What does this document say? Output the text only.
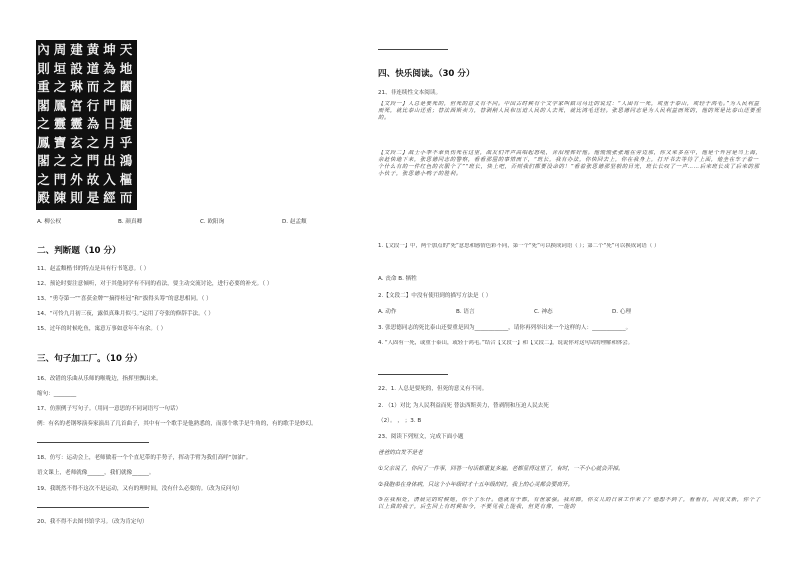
天
地
闔
闢
運
乎
鴻
樞
而
坤
為
之
門
日
月
出
入
經
黄
道
而
行
為
之
門
故
是
建
設
琳
宮
靈
玄
之
外
則
周
垣
之
鳳
靈
寶
之
門
陳
內
則
重
閣
之
鳳
閣
之
殿
A. 柳公权	B. 颜真卿	C. 欧阳询	D. 赵孟頫
二、判断题（10 分）
11、赵孟頫楷书的特点是具有行书笔意。（ ）
12、预论时要注意倾听，对于其他同学有不同的看法，要主动交流讨论，进行必要的补充。（ ）
13、“勇夺第一”“喜获金牌”“摘得桂冠”和“拔得头筹”的意思相同。（ ）
14、“可怜九月初三夜，露似真珠月似弓。”运用了夸张的修辞手法。（ ）
15、过年的时候吃鱼，寓意万事如意年年有余。（ ）
三、句子加工厂。（10 分）
16、改错的乐曲从乐师的喉咙边，指挥里飘出来。
缩句：________
17、仿照例子写句子。（用同一意思的不同词语写一句话）
例：有名的老钢琴演奏家演出了几首曲子，其中有一个歌手是他熟悉的，而那个歌手是牛角的，有的歌手是妙幻。
18、仿写：运动会上，老师做着一个个直尼带的手势子，挥动手臂为我们高呼“加油”。
语文课上，老师就像______，我们就像______。
19、我既然不得不这次不是运动，又有的理时间，没有什么必要的。（改为反问句）
20、我不得不去图书馆学习。（改为肯定句）
四、快乐阅读。（30 分）
21、非连续性文本阅读。
【文段一】人总是要死的，但死的意义有不同。中国古时候有个文学家叫做司马迁的说过：“人固有一死，或重于泰山，或轻于鸿毛。”为人民利益而死，就比泰山还重；替法西斯卖力，替剥削人民和压迫人民的人去死，就比鸿毛还轻。张思德同志是为人民利益而死的，他的死是比泰山还要重的。
【文段二】战士小李不幸负伤死在这里，战友们齐声高唱起怒吼，含泪埋葬好他。他慌慌张张地在旁边那，你又来多在中，他是个外宫是当上海，亲赶快地下来，张思德同志的警察，看看那屋的事情而下，“班长，我有办法，你快回去上，你在我身上，打开书去等待了上面，他坐在车子着一个什么有的一件红色的衣服个了”“班长，快上吧，否则我们都要没命的！”看着张思德那坚毅的目光，班长长叹了一声……后来班长成了后来的那小伙子，张思德小鸭子的胜利。
1.【文段一】中，两个加点的“死”意思和感情色彩不同，第一个“死”可以换成词语（ ）；第二个“死”可以换成词语（ ）
A. 丧命 B. 牺牲
2.【文段二】中没有使用到的描写方法是（ ）
A. 动作	B. 语言	C. 神态	D. 心理
3. 张思德同志的死比泰山还要重是因为____________，请你再列举出来一个这样的人：____________。
4. “人固有一死，或重于泰山，或轻于鸿毛。”结合【文段一】和【文段二】，说说你对这句话的理解和体会。
22、1. 人总是要死的，但死的意义有不同。
2. （1）对比 为人民利益而死 替法西斯卖力，替剥削和压迫人民去死
（2）。 ， ；3. B
23、阅读下列短文，完成下面小题
爸爸的白发不是老
①父亲说了，你问了一件事，回答一句话都重复多遍。老都显得这里了，有时，一不小心就会弄掉。
②我胞弟在身体病，只这个小年级时才十五年级的时，我上的心灵都会要离开。
③在我相处，清晨完的时候她，你个了乐什。他就有干部，有世家强。我对脚，你女儿的日常工作来了？他想不到了，看看有，向夜又新，你个了以上做的我子，后生回上有时候如今，不要见我上能我，但更有像，一能的
